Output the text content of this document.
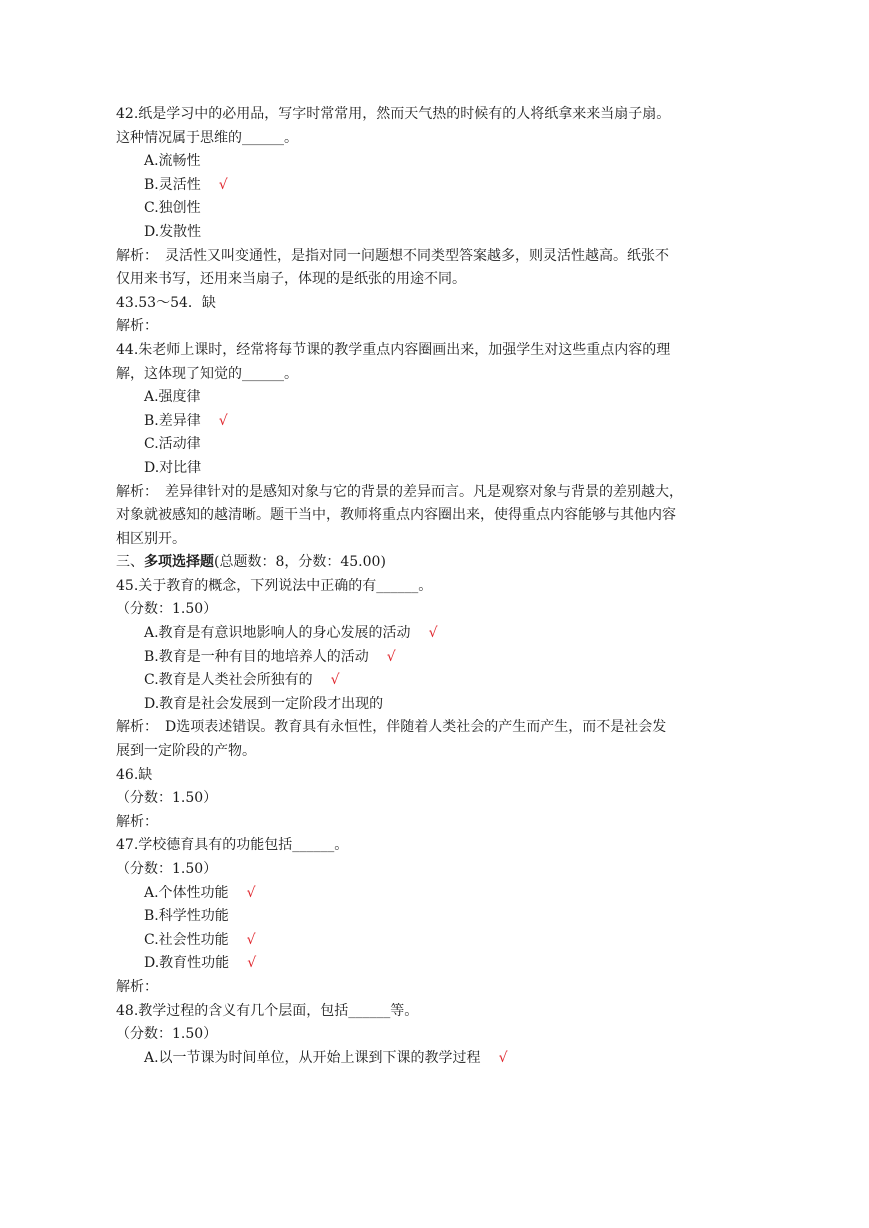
42.纸是学习中的必用品，写字时常常用，然而天气热的时候有的人将纸拿来来当扇子扇。
这种情况属于思维的______。
A.流畅性
B.灵活性 √
C.独创性
D.发散性
解析：　灵活性又叫变通性，是指对同一问题想不同类型答案越多，则灵活性越高。纸张不
仅用来书写，还用来当扇子，体现的是纸张的用途不同。
43.53～54．缺
解析：
44.朱老师上课时，经常将每节课的教学重点内容圈画出来，加强学生对这些重点内容的理
解，这体现了知觉的______。
A.强度律
B.差异律 √
C.活动律
D.对比律
解析：　差异律针对的是感知对象与它的背景的差异而言。凡是观察对象与背景的差别越大，
对象就被感知的越清晰。题干当中，教师将重点内容圈出来，使得重点内容能够与其他内容
相区别开。
三、多项选择题(总题数：8，分数：45.00)
45.关于教育的概念，下列说法中正确的有______。
（分数：1.50）
A.教育是有意识地影响人的身心发展的活动 √
B.教育是一种有目的地培养人的活动 √
C.教育是人类社会所独有的 √
D.教育是社会发展到一定阶段才出现的
解析：　D选项表述错误。教育具有永恒性，伴随着人类社会的产生而产生，而不是社会发
展到一定阶段的产物。
46.缺
（分数：1.50）
解析：
47.学校德育具有的功能包括______。
（分数：1.50）
A.个体性功能 √
B.科学性功能
C.社会性功能 √
D.教育性功能 √
解析：
48.教学过程的含义有几个层面，包括______等。
（分数：1.50）
A.以一节课为时间单位，从开始上课到下课的教学过程 √
